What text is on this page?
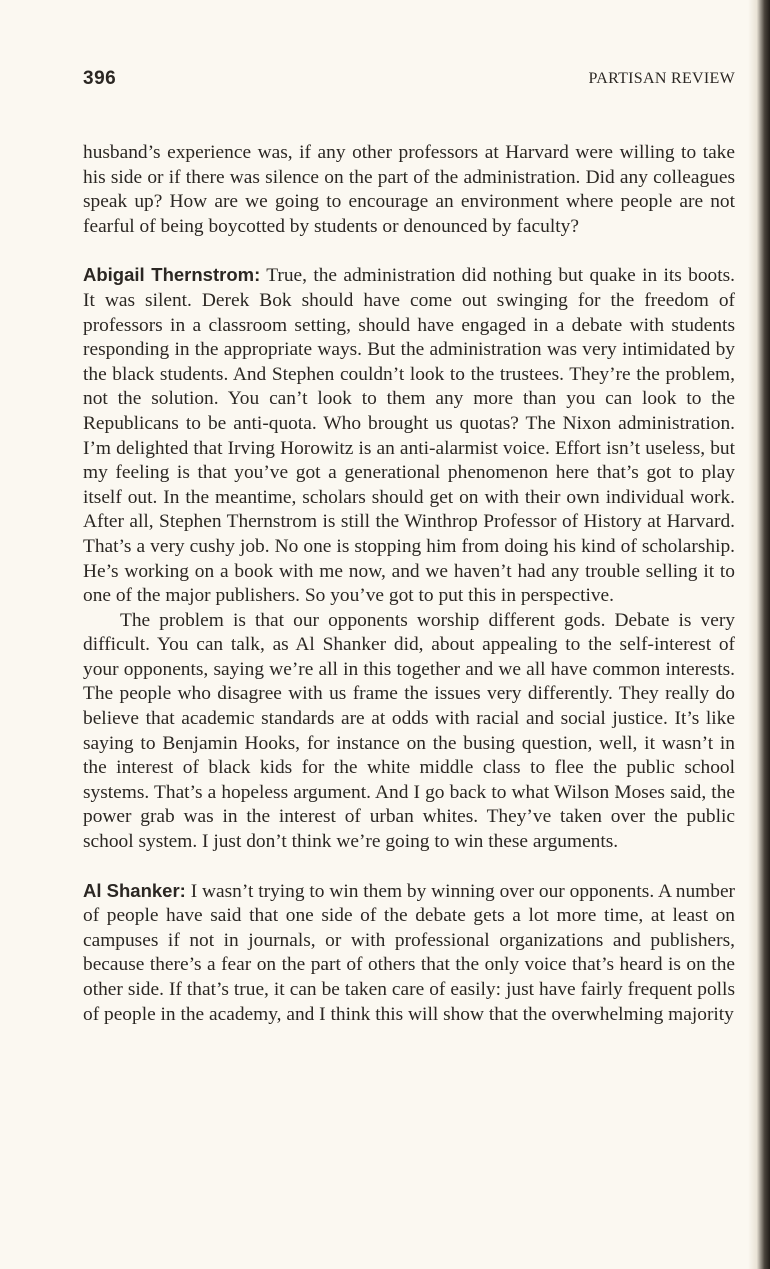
396	PARTISAN REVIEW

husband’s experience was, if any other professors at Harvard were willing to take his side or if there was silence on the part of the administration. Did any colleagues speak up? How are we going to encourage an environment where people are not fearful of being boycotted by students or denounced by faculty?

Abigail Thernstrom: True, the administration did nothing but quake in its boots. It was silent. Derek Bok should have come out swinging for the freedom of professors in a classroom setting, should have engaged in a debate with students responding in the appropriate ways. But the administration was very intimidated by the black students. And Stephen couldn’t look to the trustees. They’re the problem, not the solution. You can’t look to them any more than you can look to the Republicans to be anti-quota. Who brought us quotas? The Nixon administration. I’m delighted that Irving Horowitz is an anti-alarmist voice. Effort isn’t useless, but my feeling is that you’ve got a generational phenomenon here that’s got to play itself out. In the meantime, scholars should get on with their own individual work. After all, Stephen Thernstrom is still the Winthrop Professor of History at Harvard. That’s a very cushy job. No one is stopping him from doing his kind of scholarship. He’s working on a book with me now, and we haven’t had any trouble selling it to one of the major publishers. So you’ve got to put this in perspective.

The problem is that our opponents worship different gods. Debate is very difficult. You can talk, as Al Shanker did, about appealing to the self-interest of your opponents, saying we’re all in this together and we all have common interests. The people who disagree with us frame the issues very differently. They really do believe that academic standards are at odds with racial and social justice. It’s like saying to Benjamin Hooks, for instance on the busing question, well, it wasn’t in the interest of black kids for the white middle class to flee the public school systems. That’s a hopeless argument. And I go back to what Wilson Moses said, the power grab was in the interest of urban whites. They’ve taken over the public school system. I just don’t think we’re going to win these arguments.

Al Shanker: I wasn’t trying to win them by winning over our opponents. A number of people have said that one side of the debate gets a lot more time, at least on campuses if not in journals, or with professional organizations and publishers, because there’s a fear on the part of others that the only voice that’s heard is on the other side. If that’s true, it can be taken care of easily: just have fairly frequent polls of people in the academy, and I think this will show that the overwhelming majority
